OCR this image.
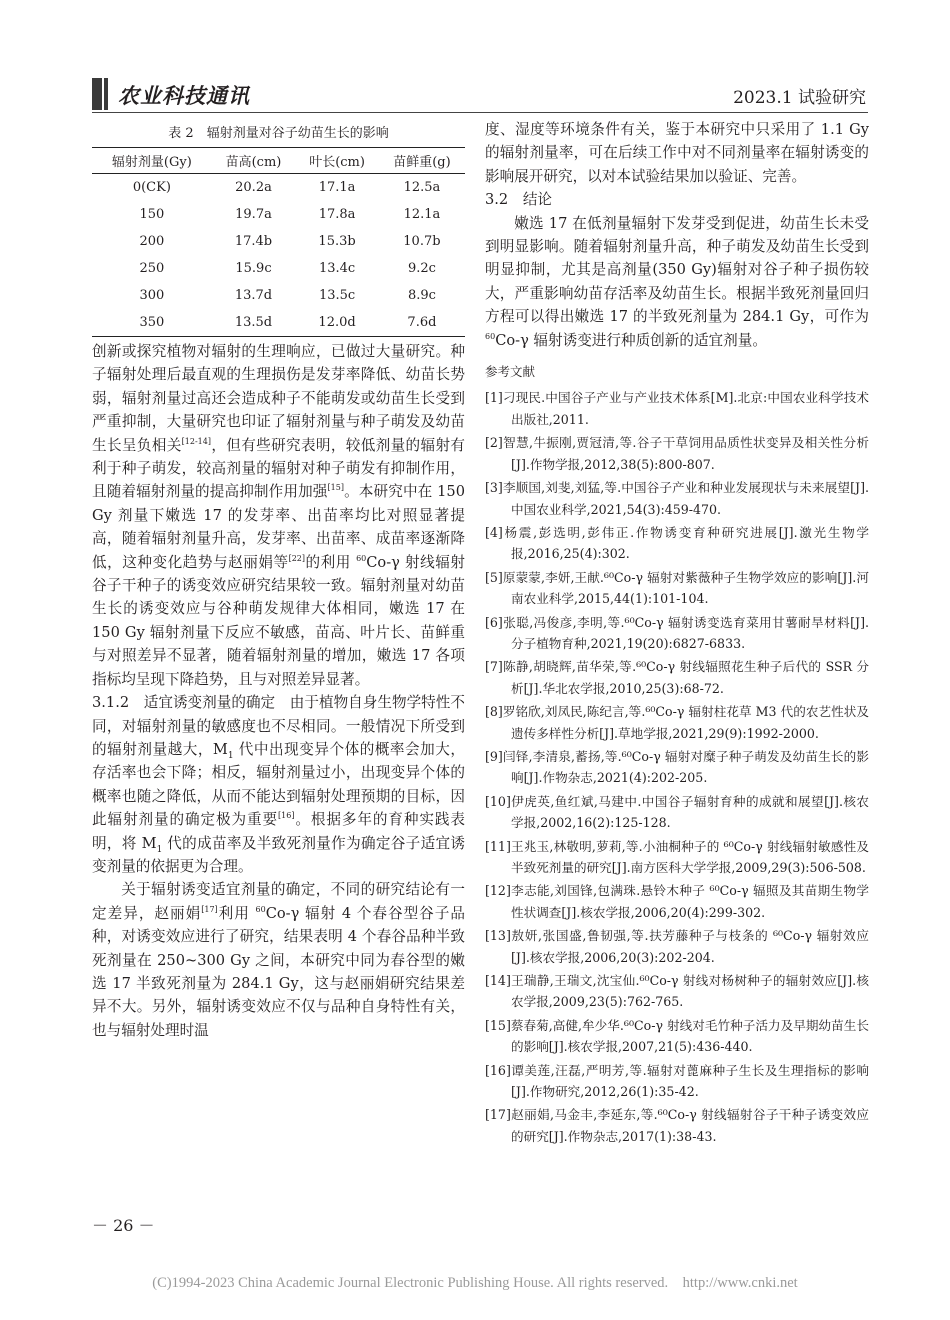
农业科技通讯	2023.1 试验研究
表 2　辐射剂量对谷子幼苗生长的影响
辐射剂量(Gy)	苗高(cm)	叶长(cm)	苗鲜重(g)
0(CK)	20.2a	17.1a	12.5a
150	19.7a	17.8a	12.1a
200	17.4b	15.3b	10.7b
250	15.9c	13.4c	9.2c
300	13.7d	13.5c	8.9c
350	13.5d	12.0d	7.6d

创新或探究植物对辐射的生理响应，已做过大量研究。种子辐射处理后最直观的生理损伤是发芽率降低、幼苗长势弱，辐射剂量过高还会造成种子不能萌发或幼苗生长受到严重抑制，大量研究也印证了辐射剂量与种子萌发及幼苗生长呈负相关[12-14]，但有些研究表明，较低剂量的辐射有利于种子萌发，较高剂量的辐射对种子萌发有抑制作用，且随着辐射剂量的提高抑制作用加强[15]。本研究中在 150 Gy 剂量下嫩选 17 的发芽率、出苗率均比对照显著提高，随着辐射剂量升高，发芽率、出苗率、成苗率逐渐降低，这种变化趋势与赵丽娟等[22]的利用 $^{60}$Co-γ 射线辐射谷子干种子的诱变效应研究结果较一致。辐射剂量对幼苗生长的诱变效应与谷种萌发规律大体相同，嫩选 17 在 150 Gy 辐射剂量下反应不敏感，苗高、叶片长、苗鲜重与对照差异不显著，随着辐射剂量的增加，嫩选 17 各项指标均呈现下降趋势，且与对照差异显著。

3.1.2　 适宜诱变剂量的确定　 由于植物自身生物学特性不同，对辐射剂量的敏感度也不尽相同。一般情况下所受到的辐射剂量越大，$M_1$ 代中出现变异个体的概率会加大，存活率也会下降；相反，辐射剂量过小，出现变异个体的概率也随之降低，从而不能达到辐射处理预期的目标，因此辐射剂量的确定极为重要[16]。根据多年的育种实践表明，将 $M_1$ 代的成苗率及半致死剂量作为确定谷子适宜诱变剂量的依据更为合理。

关于辐射诱变适宜剂量的确定，不同的研究结论有一定差异，赵丽娟[17]利用 $^{60}$Co-γ 辐射 4 个春谷型谷子品种，对诱变效应进行了研究，结果表明 4 个春谷品种半致死剂量在 250~300 Gy 之间，本研究中同为春谷型的嫩选 17 半致死剂量为 284.1 Gy，这与赵丽娟研究结果差异不大。另外，辐射诱变效应不仅与品种自身特性有关，也与辐射处理时温

度、湿度等环境条件有关，鉴于本研究中只采用了 1.1 Gy 的辐射剂量率，可在后续工作中对不同剂量率在辐射诱变的影响展开研究，以对本试验结果加以验证、完善。

3.2　 结论

嫩选 17 在低剂量辐射下发芽受到促进，幼苗生长未受到明显影响。随着辐射剂量升高，种子萌发及幼苗生长受到明显抑制，尤其是高剂量(350 Gy)辐射对谷子种子损伤较大，严重影响幼苗存活率及幼苗生长。根据半致死剂量回归方程可以得出嫩选 17 的半致死剂量为 284.1 Gy，可作为 $^{60}$Co-γ 辐射诱变进行种质创新的适宜剂量。

参考文献

[1]刁现民.中国谷子产业与产业技术体系[M].北京:中国农业科学技术出版社,2011.

[2]智慧,牛振刚,贾冠清,等.谷子干草饲用品质性状变异及相关性分析[J].作物学报,2012,38(5):800-807.

[3]李顺国,刘斐,刘猛,等.中国谷子产业和种业发展现状与未来展望[J].中国农业科学,2021,54(3):459-470.

[4]杨震,彭选明,彭伟正.作物诱变育种研究进展[J].激光生物学报,2016,25(4):302.

[5]原蒙蒙,李妍,王献.⁶⁰Co-γ 辐射对紫薇种子生物学效应的影响[J].河南农业科学,2015,44(1):101-104.

[6]张聪,冯俊彦,李明,等.⁶⁰Co-γ 辐射诱变选育菜用甘薯耐旱材料[J].分子植物育种,2021,19(20):6827-6833.

[7]陈静,胡晓辉,苗华荣,等.⁶⁰Co-γ 射线辐照花生种子后代的 SSR 分析[J].华北农学报,2010,25(3):68-72.

[8]罗铭欣,刘凤民,陈纪言,等.⁶⁰Co-γ 辐射柱花草 M3 代的农艺性状及遗传多样性分析[J].草地学报,2021,29(9):1992-2000.

[9]闫铎,李清泉,蓄扬,等.⁶⁰Co-γ 辐射对糜子种子萌发及幼苗生长的影响[J].作物杂志,2021(4):202-205.

[10]伊虎英,鱼红斌,马建中.中国谷子辐射育种的成就和展望[J].核农学报,2002,16(2):125-128.

[11]王兆玉,林敬明,萝莉,等.小油桐种子的 ⁶⁰Co-γ 射线辐射敏感性及半致死剂量的研究[J].南方医科大学学报,2009,29(3):506-508.

[12]李志能,刘国锋,包满珠.悬铃木种子 ⁶⁰Co-γ 辐照及其苗期生物学性状调查[J].核农学报,2006,20(4):299-302.

[13]敖妍,张国盛,鲁韧强,等.扶芳藤种子与枝条的 ⁶⁰Co-γ 辐射效应[J].核农学报,2006,20(3):202-204.

[14]王瑞静,王瑞文,沈宝仙.⁶⁰Co-γ 射线对杨树种子的辐射效应[J].核农学报,2009,23(5):762-765.

[15]蔡春菊,高健,牟少华.⁶⁰Co-γ 射线对毛竹种子活力及早期幼苗生长的影响[J].核农学报,2007,21(5):436-440.

[16]谭美莲,汪磊,严明芳,等.辐射对蓖麻种子生长及生理指标的影响[J].作物研究,2012,26(1):35-42.

[17]赵丽娟,马金丰,李延东,等.⁶⁰Co-γ 射线辐射谷子干种子诱变效应的研究[J].作物杂志,2017(1):38-43.

－ 26 －
(C)1994-2023 China Academic Journal Electronic Publishing House. All rights reserved.　http://www.cnki.net
